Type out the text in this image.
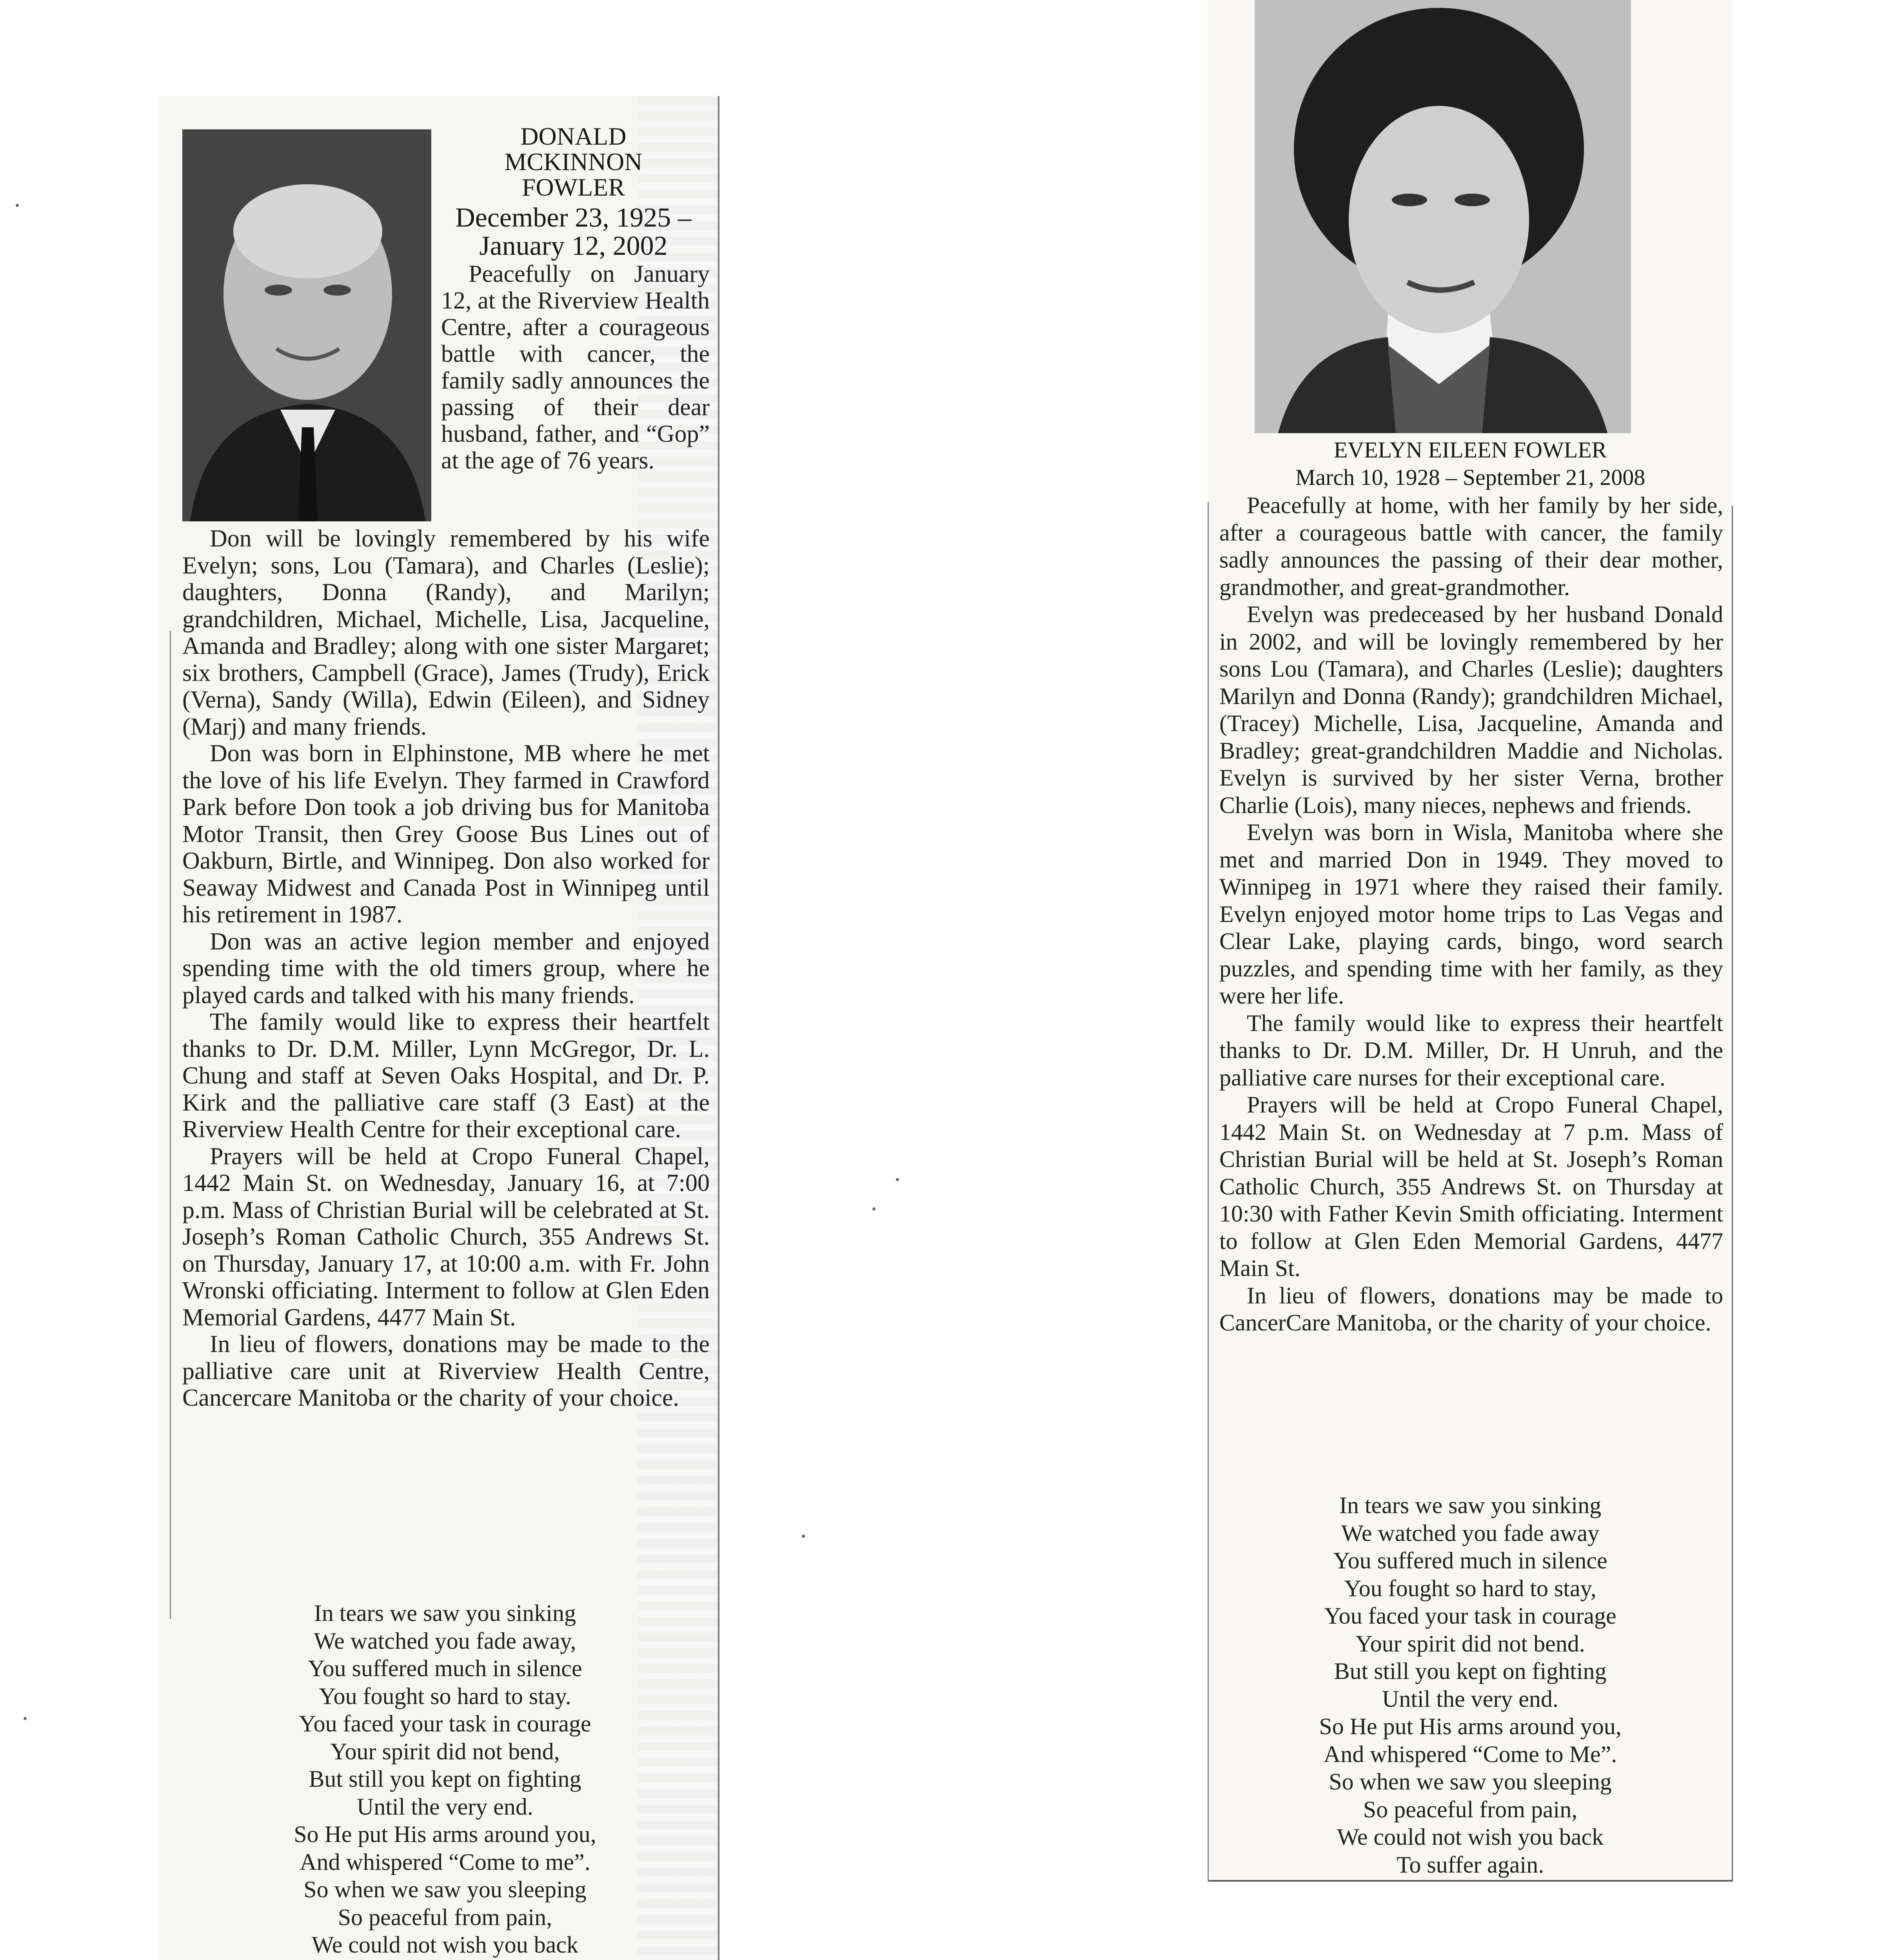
DONALD
MCKINNON
FOWLER
December 23, 1925 –
January 12, 2002

Peacefully on January 12, at the Riverview Health Centre, after a courageous battle with cancer, the family sadly announces the passing of their dear husband, father, and “Gop” at the age of 76 years.

Don will be lovingly remembered by his wife Evelyn; sons, Lou (Tamara), and Charles (Leslie); daughters, Donna (Randy), and Marilyn; grandchildren, Michael, Michelle, Lisa, Jacqueline, Amanda and Bradley; along with one sister Margaret; six brothers, Campbell (Grace), James (Trudy), Erick (Verna), Sandy (Willa), Edwin (Eileen), and Sidney (Marj) and many friends.

Don was born in Elphinstone, MB where he met the love of his life Evelyn. They farmed in Crawford Park before Don took a job driving bus for Manitoba Motor Transit, then Grey Goose Bus Lines out of Oakburn, Birtle, and Winnipeg. Don also worked for Seaway Midwest and Canada Post in Winnipeg until his retirement in 1987.

Don was an active legion member and enjoyed spending time with the old timers group, where he played cards and talked with his many friends.

The family would like to express their heartfelt thanks to Dr. D.M. Miller, Lynn McGregor, Dr. L. Chung and staff at Seven Oaks Hospital, and Dr. P. Kirk and the palliative care staff (3 East) at the Riverview Health Centre for their exceptional care.

Prayers will be held at Cropo Funeral Chapel, 1442 Main St. on Wednesday, January 16, at 7:00 p.m. Mass of Christian Burial will be celebrated at St. Joseph’s Roman Catholic Church, 355 Andrews St. on Thursday, January 17, at 10:00 a.m. with Fr. John Wronski officiating. Interment to follow at Glen Eden Memorial Gardens, 4477 Main St.

In lieu of flowers, donations may be made to the palliative care unit at Riverview Health Centre, Cancercare Manitoba or the charity of your choice.

In tears we saw you sinking
We watched you fade away,
You suffered much in silence
You fought so hard to stay.
You faced your task in courage
Your spirit did not bend,
But still you kept on fighting
Until the very end.
So He put His arms around you,
And whispered “Come to me”.
So when we saw you sleeping
So peaceful from pain,
We could not wish you back
EVELYN EILEEN FOWLER
March 10, 1928 – September 21, 2008

Peacefully at home, with her family by her side, after a courageous battle with cancer, the family sadly announces the passing of their dear mother, grandmother, and great-grandmother.

Evelyn was predeceased by her husband Donald in 2002, and will be lovingly remembered by her sons Lou (Tamara), and Charles (Leslie); daughters Marilyn and Donna (Randy); grandchildren Michael, (Tracey) Michelle, Lisa, Jacqueline, Amanda and Bradley; great-grandchildren Maddie and Nicholas. Evelyn is survived by her sister Verna, brother Charlie (Lois), many nieces, nephews and friends.

Evelyn was born in Wisla, Manitoba where she met and married Don in 1949. They moved to Winnipeg in 1971 where they raised their family. Evelyn enjoyed motor home trips to Las Vegas and Clear Lake, playing cards, bingo, word search puzzles, and spending time with her family, as they were her life.

The family would like to express their heartfelt thanks to Dr. D.M. Miller, Dr. H Unruh, and the palliative care nurses for their exceptional care.

Prayers will be held at Cropo Funeral Chapel, 1442 Main St. on Wednesday at 7 p.m. Mass of Christian Burial will be held at St. Joseph’s Roman Catholic Church, 355 Andrews St. on Thursday at 10:30 with Father Kevin Smith officiating. Interment to follow at Glen Eden Memorial Gardens, 4477 Main St.

In lieu of flowers, donations may be made to CancerCare Manitoba, or the charity of your choice.

In tears we saw you sinking
We watched you fade away
You suffered much in silence
You fought so hard to stay,
You faced your task in courage
Your spirit did not bend.
But still you kept on fighting
Until the very end.
So He put His arms around you,
And whispered “Come to Me”.
So when we saw you sleeping
So peaceful from pain,
We could not wish you back
To suffer again.
